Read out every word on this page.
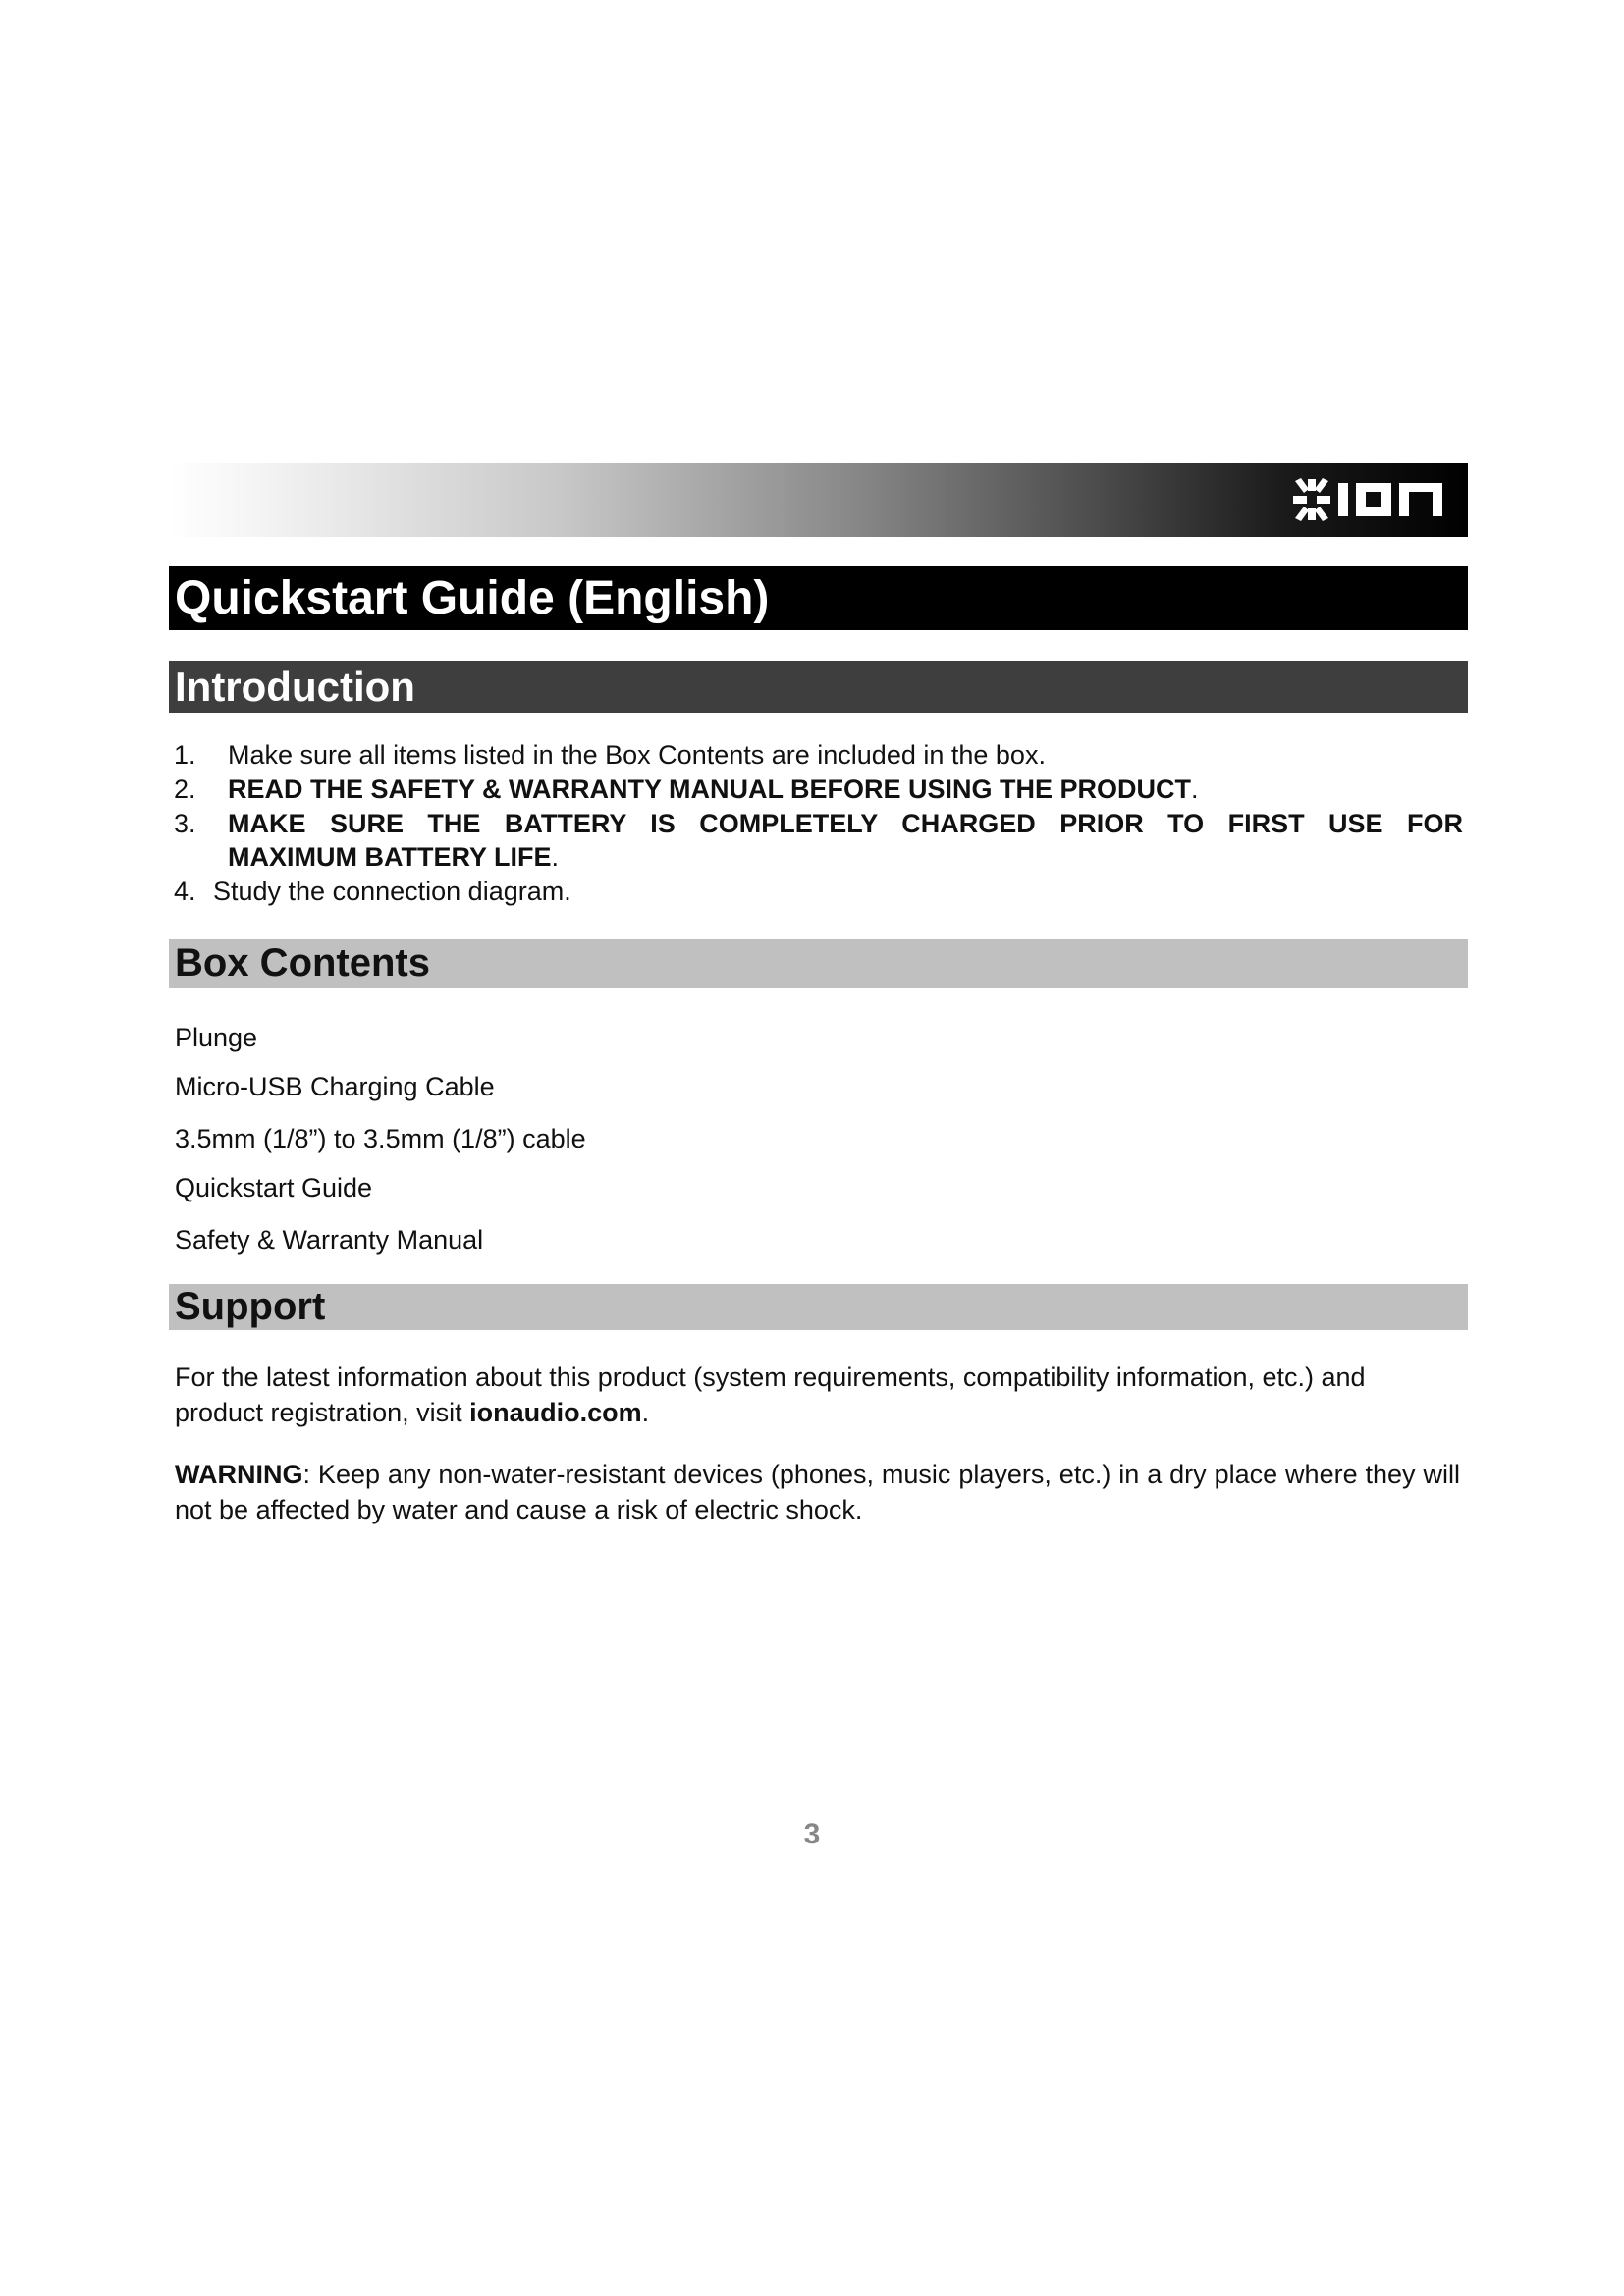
Quickstart Guide (English)
Introduction
1.	Make sure all items listed in the Box Contents are included in the box.
2.	READ THE SAFETY & WARRANTY MANUAL BEFORE USING THE PRODUCT.
3.	MAKE SURE THE BATTERY IS COMPLETELY CHARGED PRIOR TO FIRST USE FOR
MAXIMUM BATTERY LIFE.
4. Study the connection diagram.
Box Contents
Plunge
Micro-USB Charging Cable
3.5mm (1/8”) to 3.5mm (1/8”) cable
Quickstart Guide
Safety & Warranty Manual
Support

For the latest information about this product (system requirements, compatibility information, etc.) and product registration, visit ionaudio.com.

WARNING: Keep any non-water-resistant devices (phones, music players, etc.) in a dry place where they will not be affected by water and cause a risk of electric shock.

3
